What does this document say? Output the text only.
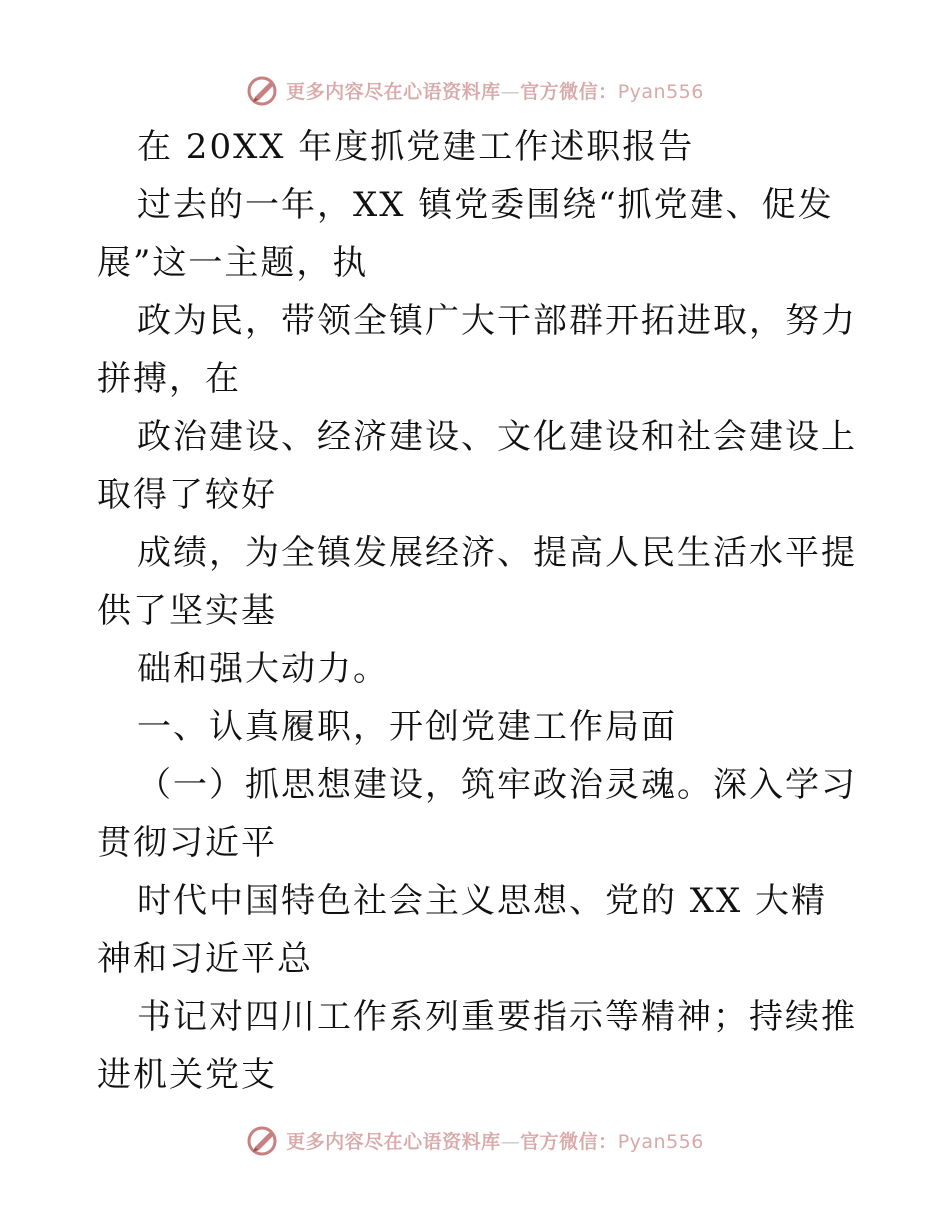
更多内容尽在心语资料库—官方微信：Pyan556

在 20XX 年度抓党建工作述职报告

过去的一年，XX 镇党委围绕“抓党建、促发展”这一主题，执

政为民，带领全镇广大干部群开拓进取，努力拼搏，在

政治建设、经济建设、文化建设和社会建设上取得了较好

成绩，为全镇发展经济、提高人民生活水平提供了坚实基

础和强大动力。

一、认真履职，开创党建工作局面

（一）抓思想建设，筑牢政治灵魂。深入学习贯彻习近平

时代中国特色社会主义思想、党的 XX 大精神和习近平总

书记对四川工作系列重要指示等精神；持续推进机关党支

更多内容尽在心语资料库—官方微信：Pyan556
